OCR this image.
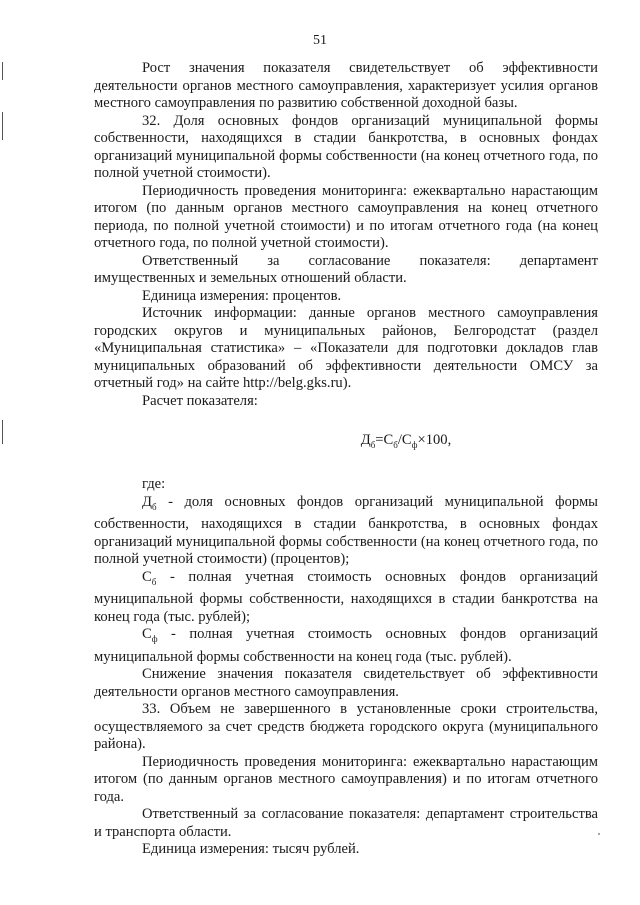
51

Рост значения показателя свидетельствует об эффективности деятельности органов местного самоуправления, характеризует усилия органов местного самоуправления по развитию собственной доходной базы.

32. Доля основных фондов организаций муниципальной формы собственности, находящихся в стадии банкротства, в основных фондах организаций муниципальной формы собственности (на конец отчетного года, по полной учетной стоимости).

Периодичность проведения мониторинга: ежеквартально нарастающим итогом (по данным органов местного самоуправления на конец отчетного периода, по полной учетной стоимости) и по итогам отчетного года (на конец отчетного года, по полной учетной стоимости).

Ответственный за согласование показателя: департамент имущественных и земельных отношений области.

Единица измерения: процентов.

Источник информации: данные органов местного самоуправления городских округов и муниципальных районов, Белгородстат (раздел «Муниципальная статистика» – «Показатели для подготовки докладов глав муниципальных образований об эффективности деятельности ОМСУ за отчетный год» на сайте http://belg.gks.ru).

Расчет показателя:

$Д_б=С_б/С_ф\times 100$,

где:

$Д_б$ - доля основных фондов организаций муниципальной формы собственности, находящихся в стадии банкротства, в основных фондах организаций муниципальной формы собственности (на конец отчетного года, по полной учетной стоимости) (процентов);

$С_б$ - полная учетная стоимость основных фондов организаций муниципальной формы собственности, находящихся в стадии банкротства на конец года (тыс. рублей);

$С_ф$ - полная учетная стоимость основных фондов организаций муниципальной формы собственности на конец года (тыс. рублей).

Снижение значения показателя свидетельствует об эффективности деятельности органов местного самоуправления.

33. Объем не завершенного в установленные сроки строительства, осуществляемого за счет средств бюджета городского округа (муниципального района).

Периодичность проведения мониторинга: ежеквартально нарастающим итогом (по данным органов местного самоуправления) и по итогам отчетного года.

Ответственный за согласование показателя: департамент строительства и транспорта области.

Единица измерения: тысяч рублей.
